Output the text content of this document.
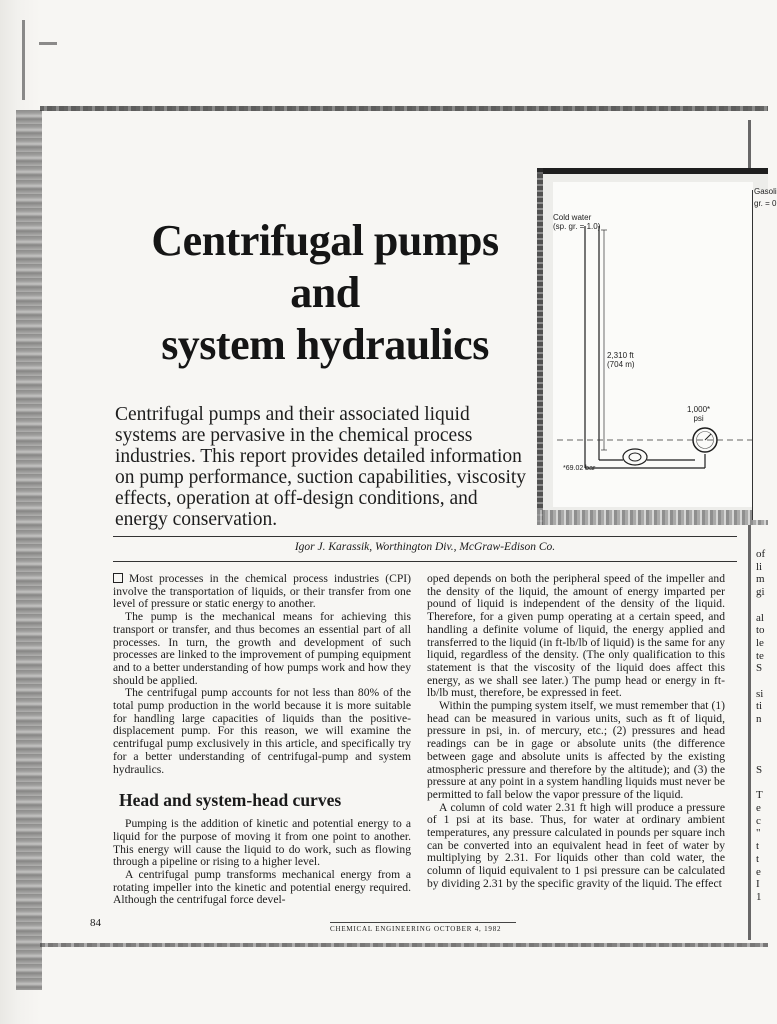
Centrifugal pumps
and
system hydraulics

Centrifugal pumps and their associated liquid systems are pervasive in the chemical process industries. This report provides detailed information on pump performance, suction capabilities, viscosity effects, operation at off-design conditions, and energy conservation.

Cold water
(sp. gr. = 1.0)
2,310 ft
(704 m)
1,000*
psi
*69.02 bar
Gasoli
gr. = 0
Igor J. Karassik, Worthington Div., McGraw-Edison Co.

Most processes in the chemical process industries (CPI) involve the transportation of liquids, or their transfer from one level of pressure or static energy to another.

The pump is the mechanical means for achieving this transport or transfer, and thus becomes an essential part of all processes. In turn, the growth and development of such processes are linked to the improvement of pumping equipment and to a better understanding of how pumps work and how they should be applied.

The centrifugal pump accounts for not less than 80% of the total pump production in the world because it is more suitable for handling large capacities of liquids than the positive-displacement pump. For this reason, we will examine the centrifugal pump exclusively in this article, and specifically try for a better understanding of centrifugal-pump and system hydraulics.

Head and system-head curves

Pumping is the addition of kinetic and potential energy to a liquid for the purpose of moving it from one point to another. This energy will cause the liquid to do work, such as flowing through a pipeline or rising to a higher level.

A centrifugal pump transforms mechanical energy from a rotating impeller into the kinetic and potential energy required. Although the centrifugal force devel-

oped depends on both the peripheral speed of the impeller and the density of the liquid, the amount of energy imparted per pound of liquid is independent of the density of the liquid. Therefore, for a given pump operating at a certain speed, and handling a definite volume of liquid, the energy applied and transferred to the liquid (in ft-lb/lb of liquid) is the same for any liquid, regardless of the density. (The only qualification to this statement is that the viscosity of the liquid does affect this energy, as we shall see later.) The pump head or energy in ft-lb/lb must, therefore, be expressed in feet.

Within the pumping system itself, we must remember that (1) head can be measured in various units, such as ft of liquid, pressure in psi, in. of mercury, etc.; (2) pressures and head readings can be in gage or absolute units (the difference between gage and absolute units is affected by the existing atmospheric pressure and therefore by the altitude); and (3) the pressure at any point in a system handling liquids must never be permitted to fall below the vapor pressure of the liquid.

A column of cold water 2.31 ft high will produce a pressure of 1 psi at its base. Thus, for water at ordinary ambient temperatures, any pressure calculated in pounds per square inch can be converted into an equivalent head in feet of water by multiplying by 2.31. For liquids other than cold water, the column of liquid equivalent to 1 psi pressure can be calculated by dividing 2.31 by the specific gravity of the liquid. The effect

of
li
m
gi

al
to
le
te
S

si
ti
n

S

T
e
c
"
t
t
e
I
1
84	CHEMICAL ENGINEERING OCTOBER 4, 1982
